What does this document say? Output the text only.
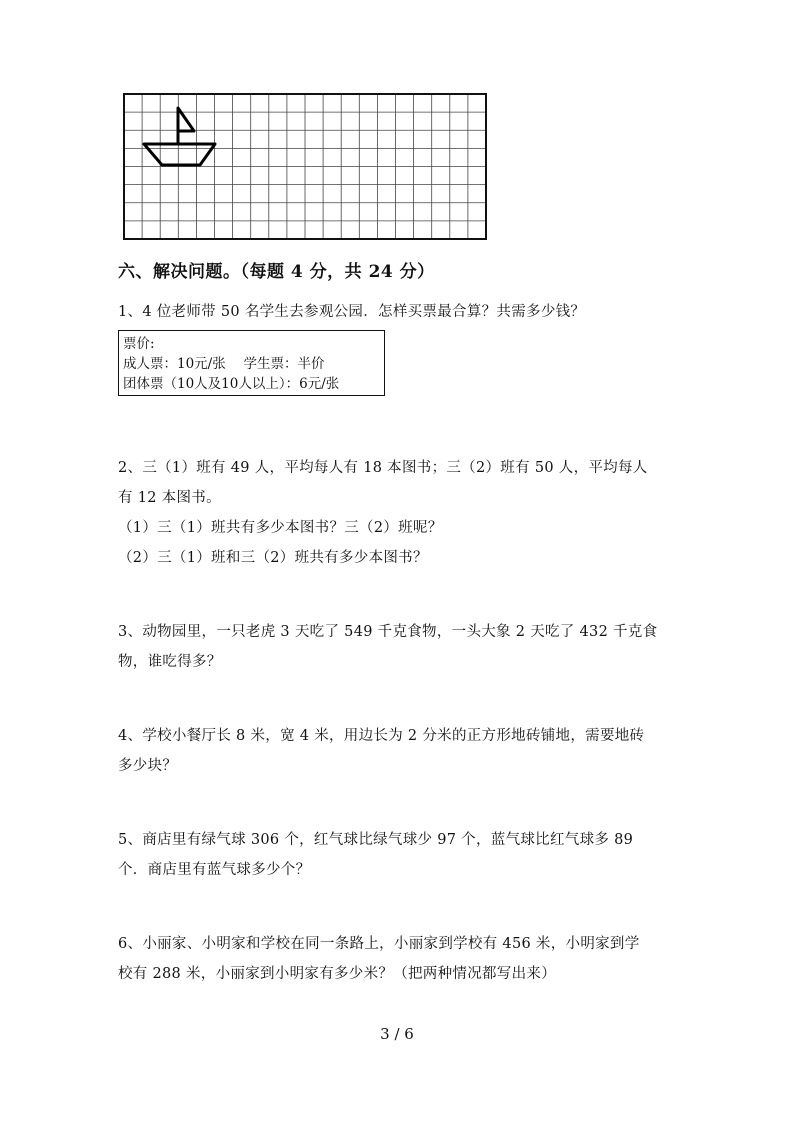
六、解决问题。（每题 4 分，共 24 分）
1、4 位老师带 50 名学生去参观公园．怎样买票最合算？共需多少钱？
票价:
成人票：10元/张　 学生票：半价
团体票（10人及10人以上）：6元/张
2、三（1）班有 49 人，平均每人有 18 本图书；三（2）班有 50 人，平均每人
有 12 本图书。
（1）三（1）班共有多少本图书？三（2）班呢？
（2）三（1）班和三（2）班共有多少本图书？
3、动物园里，一只老虎 3 天吃了 549 千克食物，一头大象 2 天吃了 432 千克食
物，谁吃得多？
4、学校小餐厅长 8 米，宽 4 米，用边长为 2 分米的正方形地砖铺地，需要地砖
多少块？
5、商店里有绿气球 306 个，红气球比绿气球少 97 个，蓝气球比红气球多 89
个．商店里有蓝气球多少个？
6、小丽家、小明家和学校在同一条路上，小丽家到学校有 456 米，小明家到学
校有 288 米，小丽家到小明家有多少米？（把两种情况都写出来）
3 / 6
